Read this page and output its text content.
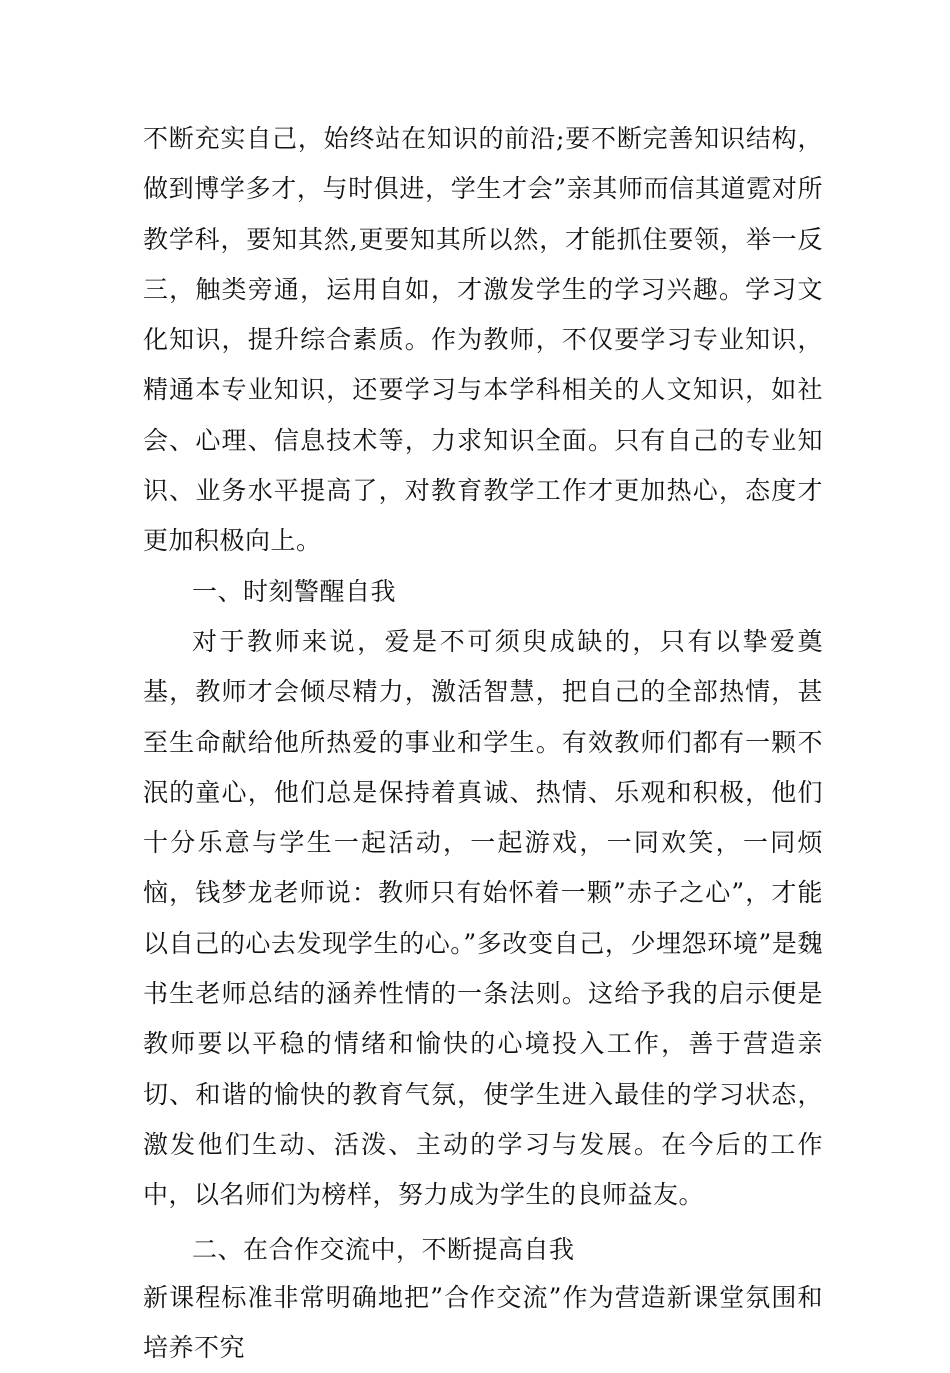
不断充实自己，始终站在知识的前沿;要不断完善知识结构，做到博学多才，与时俱进，学生才会”亲其师而信其道霓对所教学科，要知其然,更要知其所以然，才能抓住要领，举一反三，触类旁通，运用自如，才激发学生的学习兴趣。学习文化知识，提升综合素质。作为教师，不仅要学习专业知识，精通本专业知识，还要学习与本学科相关的人文知识，如社会、心理、信息技术等，力求知识全面。只有自己的专业知识、业务水平提高了，对教育教学工作才更加热心，态度才更加积极向上。

一、时刻警醒自我

对于教师来说，爱是不可须臾成缺的，只有以挚爱奠基，教师才会倾尽精力，激活智慧，把自己的全部热情，甚至生命献给他所热爱的事业和学生。有效教师们都有一颗不泯的童心，他们总是保持着真诚、热情、乐观和积极，他们十分乐意与学生一起活动，一起游戏，一同欢笑，一同烦恼，钱梦龙老师说：教师只有始怀着一颗”赤子之心”，才能以自己的心去发现学生的心。”多改变自己，少埋怨环境”是魏书生老师总结的涵养性情的一条法则。这给予我的启示便是教师要以平稳的情绪和愉快的心境投入工作，善于营造亲切、和谐的愉快的教育气氛，使学生进入最佳的学习状态，激发他们生动、活泼、主动的学习与发展。在今后的工作中，以名师们为榜样，努力成为学生的良师益友。

二、在合作交流中，不断提高自我

新课程标准非常明确地把”合作交流”作为营造新课堂氛围和培养不究
